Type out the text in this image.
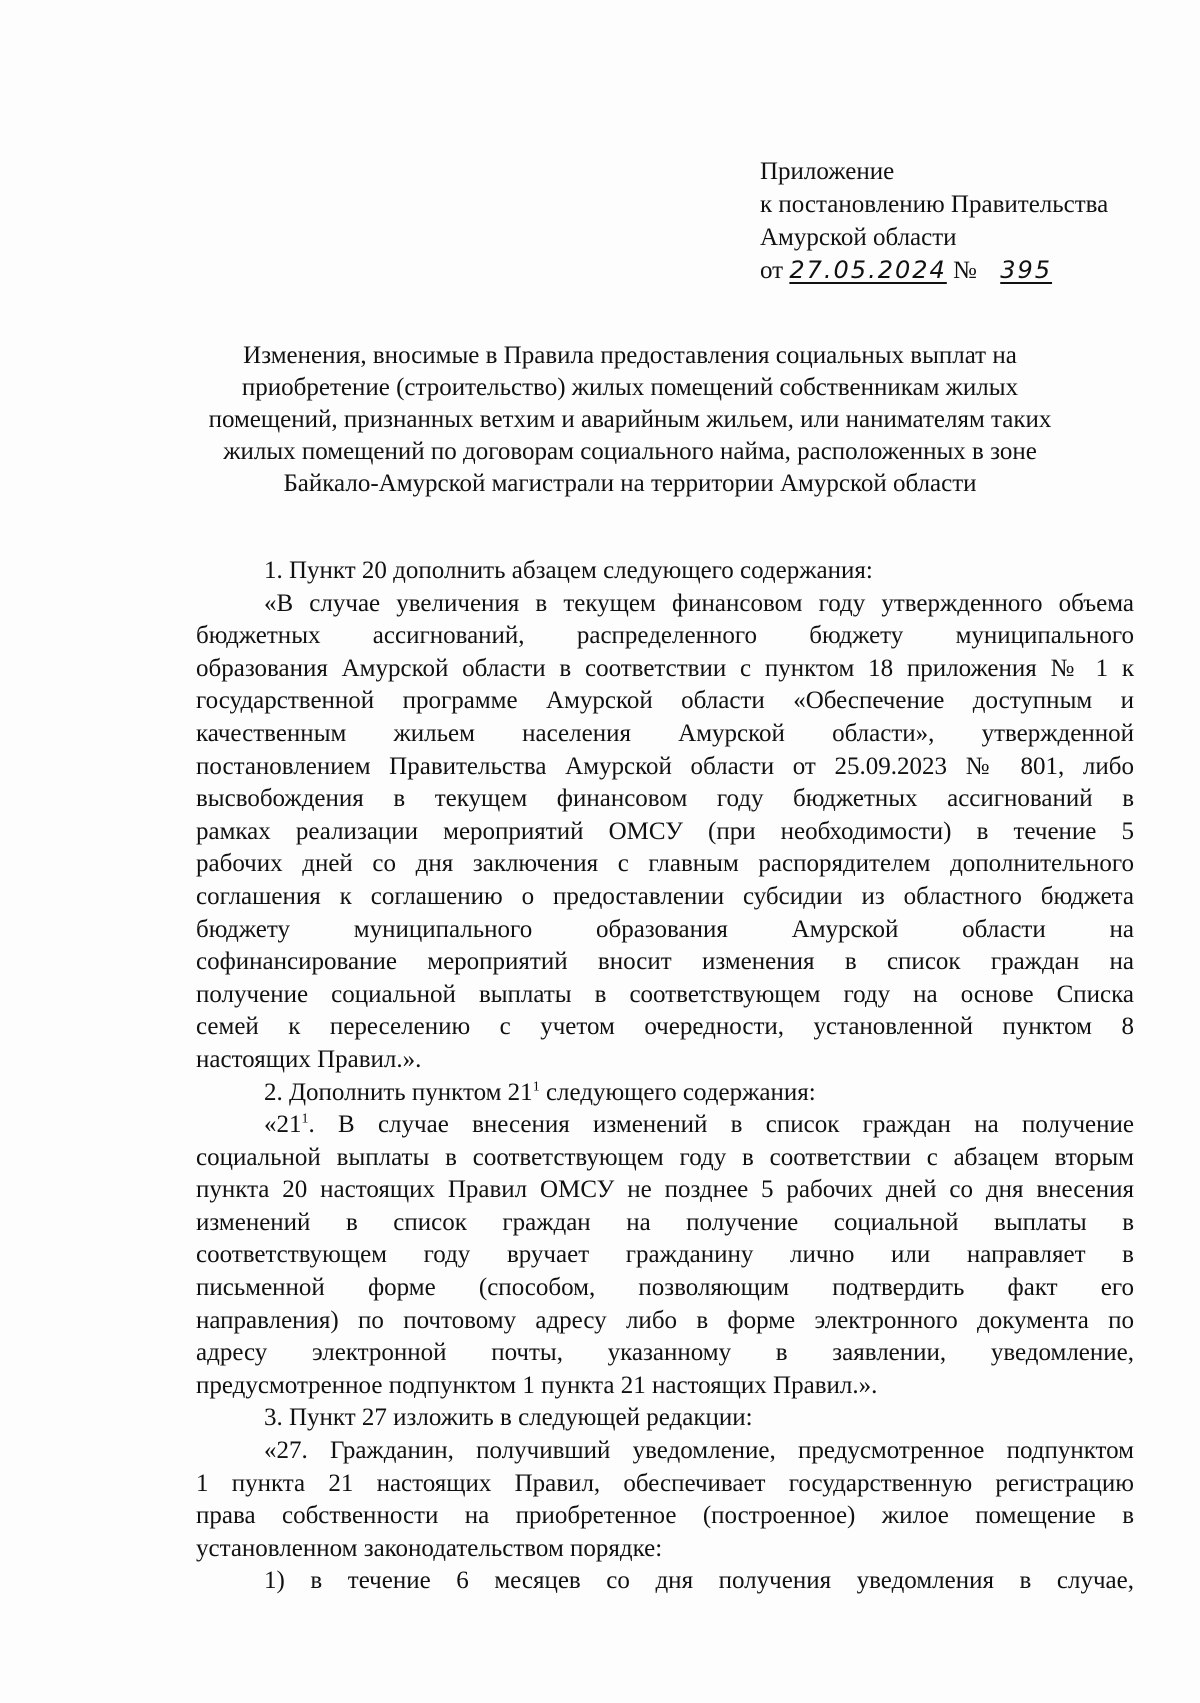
Приложение
к постановлению Правительства
Амурской области
от 27.05.2024 № 395
Изменения, вносимые в Правила предоставления социальных выплат на
приобретение (строительство) жилых помещений собственникам жилых
помещений, признанных ветхим и аварийным жильем, или нанимателям таких
жилых помещений по договорам социального найма, расположенных в зоне
Байкало-Амурской магистрали на территории Амурской области
1. Пункт 20 дополнить абзацем следующего содержания:
«В случае увеличения в текущем финансовом году утвержденного объема
бюджетных ассигнований, распределенного бюджету муниципального
образования Амурской области в соответствии с пунктом 18 приложения № 1 к
государственной программе Амурской области «Обеспечение доступным и
качественным жильем населения Амурской области», утвержденной
постановлением Правительства Амурской области от 25.09.2023 № 801, либо
высвобождения в текущем финансовом году бюджетных ассигнований в
рамках реализации мероприятий ОМСУ (при необходимости) в течение 5
рабочих дней со дня заключения с главным распорядителем дополнительного
соглашения к соглашению о предоставлении субсидии из областного бюджета
бюджету муниципального образования Амурской области на
софинансирование мероприятий вносит изменения в список граждан на
получение социальной выплаты в соответствующем году на основе Списка
семей к переселению с учетом очередности, установленной пунктом 8
настоящих Правил.».
2. Дополнить пунктом $21^1$ следующего содержания:
«$21^1$. В случае внесения изменений в список граждан на получение
социальной выплаты в соответствующем году в соответствии с абзацем вторым
пункта 20 настоящих Правил ОМСУ не позднее 5 рабочих дней со дня внесения
изменений в список граждан на получение социальной выплаты в
соответствующем году вручает гражданину лично или направляет в
письменной форме (способом, позволяющим подтвердить факт его
направления) по почтовому адресу либо в форме электронного документа по
адресу электронной почты, указанному в заявлении, уведомление,
предусмотренное подпунктом 1 пункта 21 настоящих Правил.».
3. Пункт 27 изложить в следующей редакции:
«27. Гражданин, получивший уведомление, предусмотренное подпунктом
1 пункта 21 настоящих Правил, обеспечивает государственную регистрацию
права собственности на приобретенное (построенное) жилое помещение в
установленном законодательством порядке:
1) в течение 6 месяцев со дня получения уведомления в случае,
